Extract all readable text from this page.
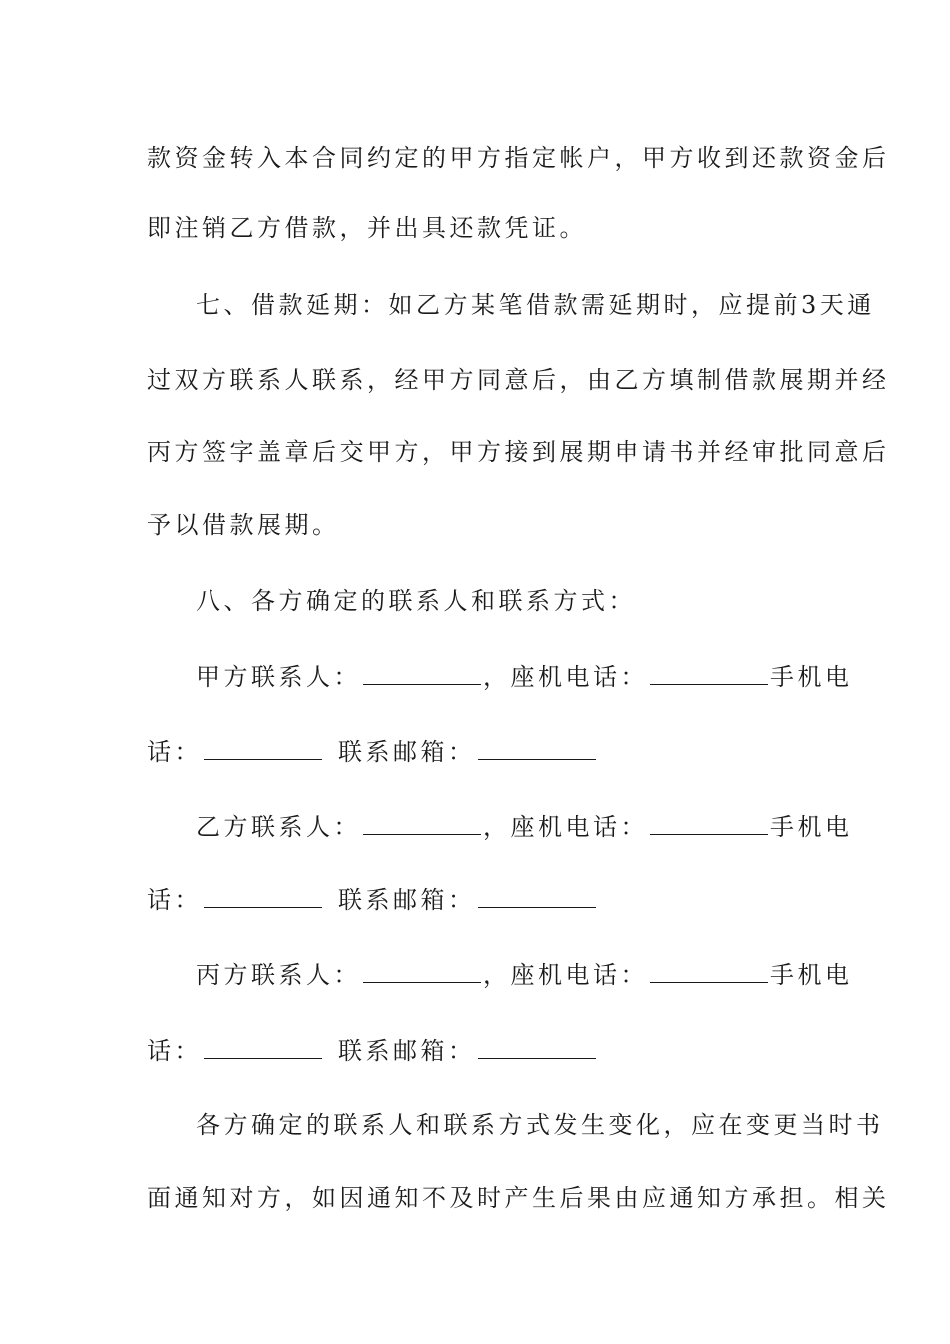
款资金转入本合同约定的甲方指定帐户，甲方收到还款资金后
即注销乙方借款，并出具还款凭证。
七、借款延期：如乙方某笔借款需延期时，应提前3天通
过双方联系人联系，经甲方同意后，由乙方填制借款展期并经
丙方签字盖章后交甲方，甲方接到展期申请书并经审批同意后
予以借款展期。
八、各方确定的联系人和联系方式：
甲方联系人：	，座机电话：	手机电
话：	联系邮箱：
乙方联系人：	，座机电话：	手机电
话：	联系邮箱：
丙方联系人：	，座机电话：	手机电
话：	联系邮箱：
各方确定的联系人和联系方式发生变化，应在变更当时书
面通知对方，如因通知不及时产生后果由应通知方承担。相关
